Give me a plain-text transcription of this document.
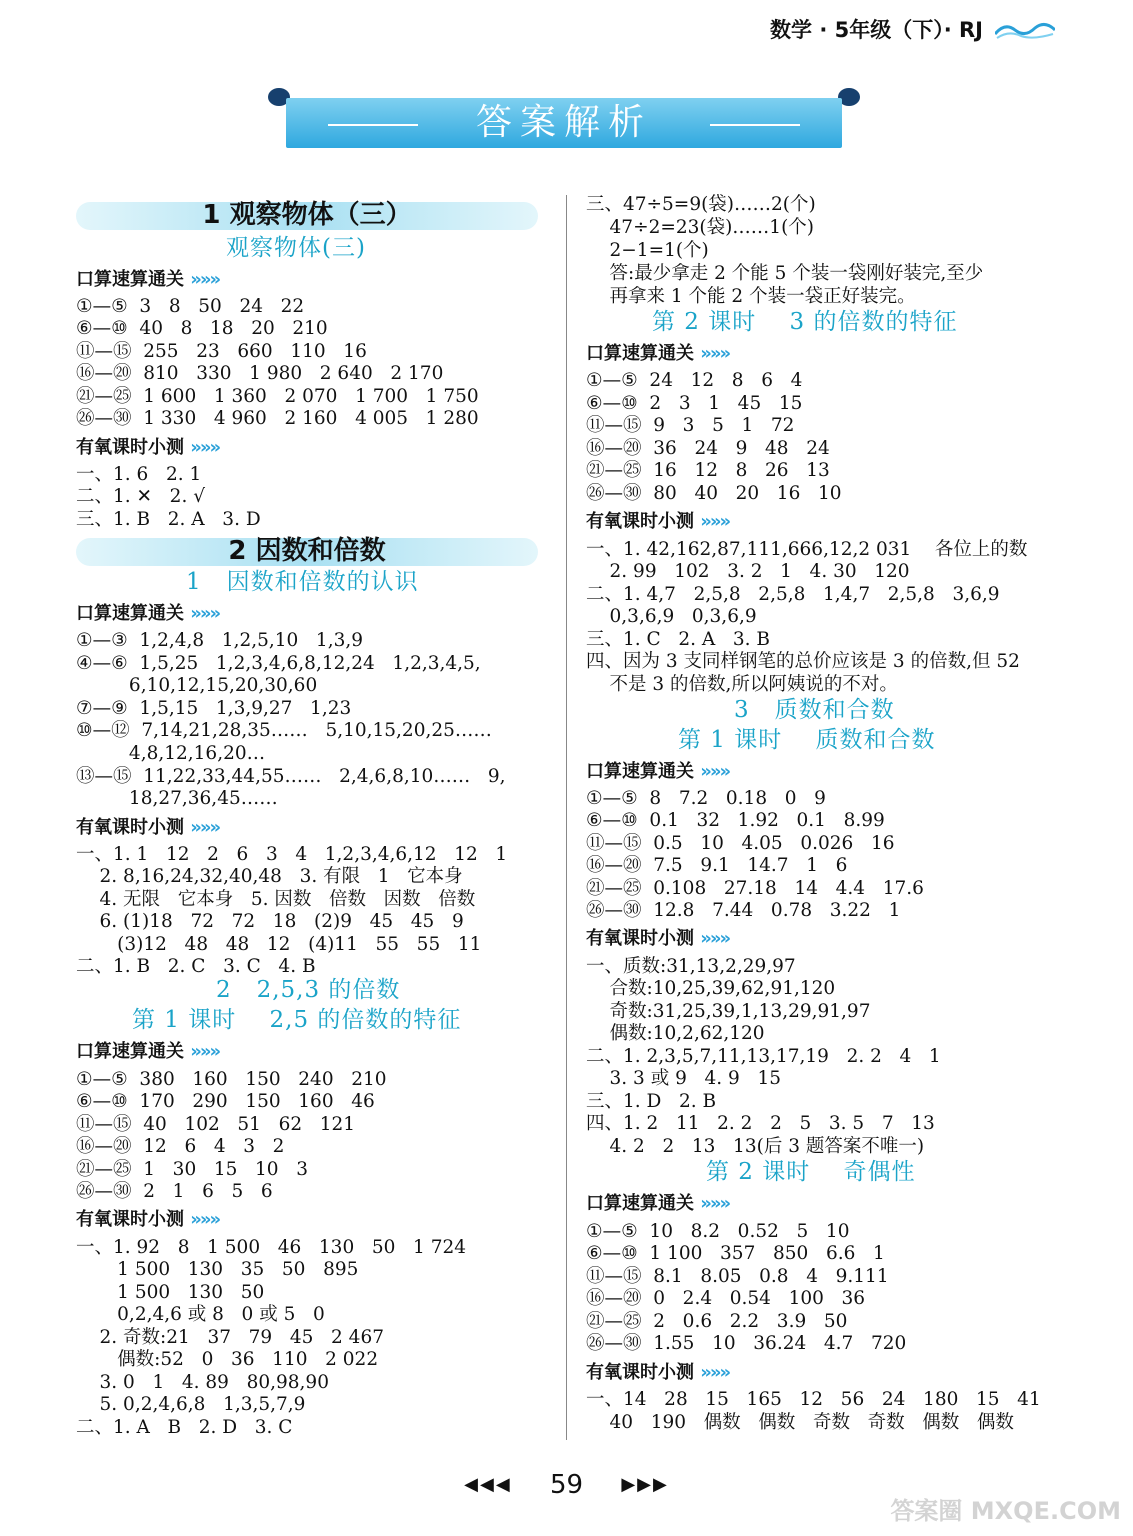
数学 · 5年级（下）· RJ
答案解析
1 观察物体（三）
观察物体(三)
口算速算通关 »»»
①—⑤  3   8   50   24   22
⑥—⑩  40   8   18   20   210
⑪—⑮  255   23   660   110   16
⑯—⑳  810   330   1 980   2 640   2 170
㉑—㉕  1 600   1 360   2 070   1 700   1 750
㉖—㉚  1 330   4 960   2 160   4 005   1 280
有氧课时小测 »»»
一、1. 6   2. 1
二、1. ✕   2. √
三、1. B   2. A   3. D
2 因数和倍数
1   因数和倍数的认识
口算速算通关 »»»
①—③  1,2,4,8   1,2,5,10   1,3,9
④—⑥  1,5,25   1,2,3,4,6,8,12,24   1,2,3,4,5,
6,10,12,15,20,30,60
⑦—⑨  1,5,15   1,3,9,27   1,23
⑩—⑫  7,14,21,28,35……   5,10,15,20,25……
4,8,12,16,20…
⑬—⑮  11,22,33,44,55……   2,4,6,8,10……   9,
18,27,36,45……
有氧课时小测 »»»
一、1. 1   12   2   6   3   4   1,2,3,4,6,12   12   1
2. 8,16,24,32,40,48   3. 有限   1   它本身
4. 无限   它本身   5. 因数   倍数   因数   倍数
6. (1)18   72   72   18   (2)9   45   45   9
(3)12   48   48   12   (4)11   55   55   11
二、1. B   2. C   3. C   4. B
2   2,5,3 的倍数
第 1 课时    2,5 的倍数的特征
口算速算通关 »»»
①—⑤  380   160   150   240   210
⑥—⑩  170   290   150   160   46
⑪—⑮  40   102   51   62   121
⑯—⑳  12   6   4   3   2
㉑—㉕  1   30   15   10   3
㉖—㉚  2   1   6   5   6
有氧课时小测 »»»
一、1. 92   8   1 500   46   130   50   1 724
1 500   130   35   50   895
1 500   130   50
0,2,4,6 或 8   0 或 5   0
2. 奇数:21   37   79   45   2 467
偶数:52   0   36   110   2 022
3. 0   1   4. 89   80,98,90
5. 0,2,4,6,8   1,3,5,7,9
二、1. A   B   2. D   3. C
三、47÷5=9(袋)……2(个)
47÷2=23(袋)……1(个)
2−1=1(个)
答:最少拿走 2 个能 5 个装一袋刚好装完,至少
再拿来 1 个能 2 个装一袋正好装完。
第 2 课时    3 的倍数的特征
口算速算通关 »»»
①—⑤  24   12   8   6   4
⑥—⑩  2   3   1   45   15
⑪—⑮  9   3   5   1   72
⑯—⑳  36   24   9   48   24
㉑—㉕  16   12   8   26   13
㉖—㉚  80   40   20   16   10
有氧课时小测 »»»
一、1. 42,162,87,111,666,12,2 031    各位上的数
2. 99   102   3. 2   1   4. 30   120
二、1. 4,7   2,5,8   2,5,8   1,4,7   2,5,8   3,6,9
0,3,6,9   0,3,6,9
三、1. C   2. A   3. B
四、因为 3 支同样钢笔的总价应该是 3 的倍数,但 52
不是 3 的倍数,所以阿姨说的不对。
3   质数和合数
第 1 课时    质数和合数
口算速算通关 »»»
①—⑤  8   7.2   0.18   0   9
⑥—⑩  0.1   32   1.92   0.1   8.99
⑪—⑮  0.5   10   4.05   0.026   16
⑯—⑳  7.5   9.1   14.7   1   6
㉑—㉕  0.108   27.18   14   4.4   17.6
㉖—㉚  12.8   7.44   0.78   3.22   1
有氧课时小测 »»»
一、质数:31,13,2,29,97
合数:10,25,39,62,91,120
奇数:31,25,39,1,13,29,91,97
偶数:10,2,62,120
二、1. 2,3,5,7,11,13,17,19   2. 2   4   1
3. 3 或 9   4. 9   15
三、1. D   2. B
四、1. 2   11   2. 2   2   5   3. 5   7   13
4. 2   2   13   13(后 3 题答案不唯一)
第 2 课时    奇偶性
口算速算通关 »»»
①—⑤  10   8.2   0.52   5   10
⑥—⑩  1 100   357   850   6.6   1
⑪—⑮  8.1   8.05   0.8   4   9.111
⑯—⑳  0   2.4   0.54   100   36
㉑—㉕  2   0.6   2.2   3.9   50
㉖—㉚  1.55   10   36.24   4.7   720
有氧课时小测 »»»
一、14   28   15   165   12   56   24   180   15   41
40   190   偶数   偶数   奇数   奇数   偶数   偶数
◀◀◀ 59 ▶▶▶
答案圈 MXQE.COM
